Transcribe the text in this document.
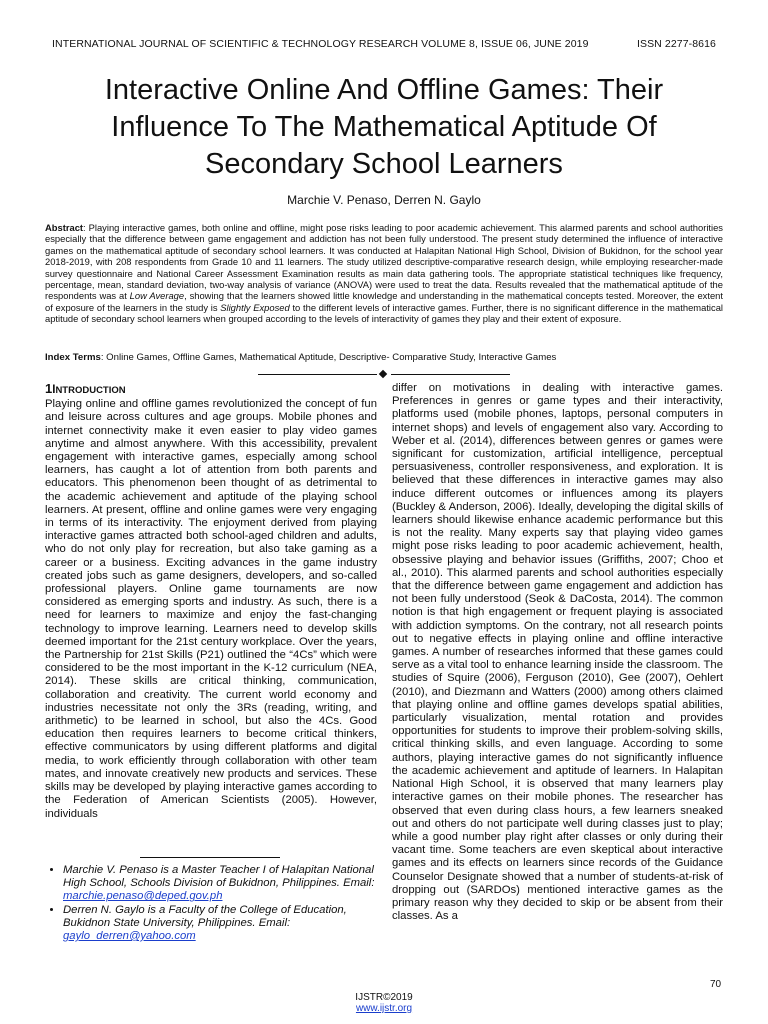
INTERNATIONAL JOURNAL OF SCIENTIFIC & TECHNOLOGY RESEARCH VOLUME 8, ISSUE 06, JUNE 2019	ISSN 2277-8616
Interactive Online And Offline Games: Their
Influence To The Mathematical Aptitude Of
Secondary School Learners
Marchie V. Penaso, Derren N. Gaylo
Abstract: Playing interactive games, both online and offline, might pose risks leading to poor academic achievement. This alarmed parents and school authorities especially that the difference between game engagement and addiction has not been fully understood. The present study determined the influence of interactive games on the mathematical aptitude of secondary school learners. It was conducted at Halapitan National High School, Division of Bukidnon, for the school year 2018-2019, with 208 respondents from Grade 10 and 11 learners. The study utilized descriptive-comparative research design, while employing researcher-made survey questionnaire and National Career Assessment Examination results as main data gathering tools. The appropriate statistical techniques like frequency, percentage, mean, standard deviation, two-way analysis of variance (ANOVA) were used to treat the data. Results revealed that the mathematical aptitude of the respondents was at Low Average, showing that the learners showed little knowledge and understanding in the mathematical concepts tested. Moreover, the extent of exposure of the learners in the study is Slightly Exposed to the different levels of interactive games. Further, there is no significant difference in the mathematical aptitude of secondary school learners when grouped according to the levels of interactivity of games they play and their extent of exposure.
Index Terms: Online Games, Offline Games, Mathematical Aptitude, Descriptive- Comparative Study, Interactive Games
1INTRODUCTION

Playing online and offline games revolutionized the concept of fun and leisure across cultures and age groups. Mobile phones and internet connectivity make it even easier to play video games anytime and almost anywhere. With this accessibility, prevalent engagement with interactive games, especially among school learners, has caught a lot of attention from both parents and educators. This phenomenon been thought of as detrimental to the academic achievement and aptitude of the playing school learners. At present, offline and online games were very engaging in terms of its interactivity. The enjoyment derived from playing interactive games attracted both school-aged children and adults, who do not only play for recreation, but also take gaming as a career or a business. Exciting advances in the game industry created jobs such as game designers, developers, and so-called professional players. Online game tournaments are now considered as emerging sports and industry. As such, there is a need for learners to maximize and enjoy the fast-changing technology to improve learning. Learners need to develop skills deemed important for the 21st century workplace. Over the years, the Partnership for 21st Skills (P21) outlined the “4Cs” which were considered to be the most important in the K-12 curriculum (NEA, 2014). These skills are critical thinking, communication, collaboration and creativity. The current world economy and industries necessitate not only the 3Rs (reading, writing, and arithmetic) to be learned in school, but also the 4Cs. Good education then requires learners to become critical thinkers, effective communicators by using different platforms and digital media, to work efficiently through collaboration with other team mates, and innovate creatively new products and services. These skills may be developed by playing interactive games according to the Federation of American Scientists (2005). However, individuals

differ on motivations in dealing with interactive games. Preferences in genres or game types and their interactivity, platforms used (mobile phones, laptops, personal computers in internet shops) and levels of engagement also vary. According to Weber et al. (2014), differences between genres or games were significant for customization, artificial intelligence, perceptual persuasiveness, controller responsiveness, and exploration. It is believed that these differences in interactive games may also induce different outcomes or influences among its players (Buckley & Anderson, 2006). Ideally, developing the digital skills of learners should likewise enhance academic performance but this is not the reality. Many experts say that playing video games might pose risks leading to poor academic achievement, health, obsessive playing and behavior issues (Griffiths, 2007; Choo et al., 2010). This alarmed parents and school authorities especially that the difference between game engagement and addiction has not been fully understood (Seok & DaCosta, 2014). The common notion is that high engagement or frequent playing is associated with addiction symptoms. On the contrary, not all research points out to negative effects in playing online and offline interactive games. A number of researches informed that these games could serve as a vital tool to enhance learning inside the classroom. The studies of Squire (2006), Ferguson (2010), Gee (2007), Oehlert (2010), and Diezmann and Watters (2000) among others claimed that playing online and offline games develops spatial abilities, particularly visualization, mental rotation and provides opportunities for students to improve their problem-solving skills, critical thinking skills, and even language. According to some authors, playing interactive games do not significantly influence the academic achievement and aptitude of learners. In Halapitan National High School, it is observed that many learners play interactive games on their mobile phones. The researcher has observed that even during class hours, a few learners sneaked out and others do not participate well during classes just to play; while a good number play right after classes or only during their vacant time. Some teachers are even skeptical about interactive games and its effects on learners since records of the Guidance Counselor Designate showed that a number of students-at-risk of dropping out (SARDOs) mentioned interactive games as the primary reason why they decided to skip or be absent from their classes. As a

• Marchie V. Penaso is a Master Teacher I of Halapitan National High School, Schools Division of Bukidnon, Philippines. Email: marchie.penaso@deped.gov.ph
• Derren N. Gaylo is a Faculty of the College of Education, Bukidnon State University, Philippines. Email: gaylo_derren@yahoo.com
70
IJSTR©2019
www.ijstr.org
